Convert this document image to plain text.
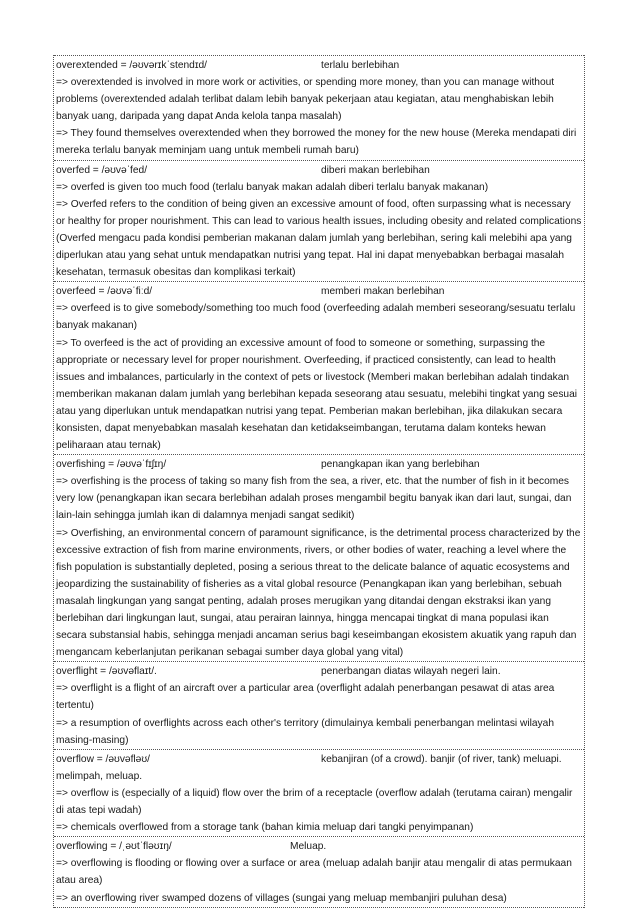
overextended = /əʊvərɪkˈstendɪd/	terlalu berlebihan

=> overextended is involved in more work or activities, or spending more money, than you can manage without problems (overextended adalah terlibat dalam lebih banyak pekerjaan atau kegiatan, atau menghabiskan lebih banyak uang, daripada yang dapat Anda kelola tanpa masalah)

=> They found themselves overextended when they borrowed the money for the new house (Mereka mendapati diri mereka terlalu banyak meminjam uang untuk membeli rumah baru)

overfed = /əʊvəˈfed/	diberi makan berlebihan

=> overfed is given too much food (terlalu banyak makan adalah diberi terlalu banyak makanan)

=> Overfed refers to the condition of being given an excessive amount of food, often surpassing what is necessary or healthy for proper nourishment. This can lead to various health issues, including obesity and related complications (Overfed mengacu pada kondisi pemberian makanan dalam jumlah yang berlebihan, sering kali melebihi apa yang diperlukan atau yang sehat untuk mendapatkan nutrisi yang tepat. Hal ini dapat menyebabkan berbagai masalah kesehatan, termasuk obesitas dan komplikasi terkait)

overfeed = /əʊvəˈfiːd/	memberi makan berlebihan

=> overfeed is to give somebody/something too much food (overfeeding adalah memberi seseorang/sesuatu terlalu banyak makanan)

=> To overfeed is the act of providing an excessive amount of food to someone or something, surpassing the appropriate or necessary level for proper nourishment. Overfeeding, if practiced consistently, can lead to health issues and imbalances, particularly in the context of pets or livestock (Memberi makan berlebihan adalah tindakan memberikan makanan dalam jumlah yang berlebihan kepada seseorang atau sesuatu, melebihi tingkat yang sesuai atau yang diperlukan untuk mendapatkan nutrisi yang tepat. Pemberian makan berlebihan, jika dilakukan secara konsisten, dapat menyebabkan masalah kesehatan dan ketidakseimbangan, terutama dalam konteks hewan peliharaan atau ternak)

overfishing = /əʊvəˈfɪʃɪŋ/	penangkapan ikan yang berlebihan

=> overfishing is the process of taking so many fish from the sea, a river, etc. that the number of fish in it becomes very low (penangkapan ikan secara berlebihan adalah proses mengambil begitu banyak ikan dari laut, sungai, dan lain-lain sehingga jumlah ikan di dalamnya menjadi sangat sedikit)

=> Overfishing, an environmental concern of paramount significance, is the detrimental process characterized by the excessive extraction of fish from marine environments, rivers, or other bodies of water, reaching a level where the fish population is substantially depleted, posing a serious threat to the delicate balance of aquatic ecosystems and jeopardizing the sustainability of fisheries as a vital global resource (Penangkapan ikan yang berlebihan, sebuah masalah lingkungan yang sangat penting, adalah proses merugikan yang ditandai dengan ekstraksi ikan yang berlebihan dari lingkungan laut, sungai, atau perairan lainnya, hingga mencapai tingkat di mana populasi ikan secara substansial habis, sehingga menjadi ancaman serius bagi keseimbangan ekosistem akuatik yang rapuh dan mengancam keberlanjutan perikanan sebagai sumber daya global yang vital)

overflight = /əʊvəflaɪt/.	penerbangan diatas wilayah negeri lain.

=> overflight is a flight of an aircraft over a particular area (overflight adalah penerbangan pesawat di atas area tertentu)

=> a resumption of overflights across each other's territory (dimulainya kembali penerbangan melintasi wilayah masing-masing)

overflow = /əʊvəfləʊ/	kebanjiran (of a crowd). banjir (of river, tank) meluapi.

melimpah, meluap.

=> overflow is (especially of a liquid) flow over the brim of a receptacle (overflow adalah (terutama cairan) mengalir di atas tepi wadah)

=> chemicals overflowed from a storage tank (bahan kimia meluap dari tangki penyimpanan)

overflowing = /ˌəʊtˈfləʊɪŋ/	Meluap.

=> overflowing is flooding or flowing over a surface or area (meluap adalah banjir atau mengalir di atas permukaan atau area)

=> an overflowing river swamped dozens of villages (sungai yang meluap membanjiri puluhan desa)
